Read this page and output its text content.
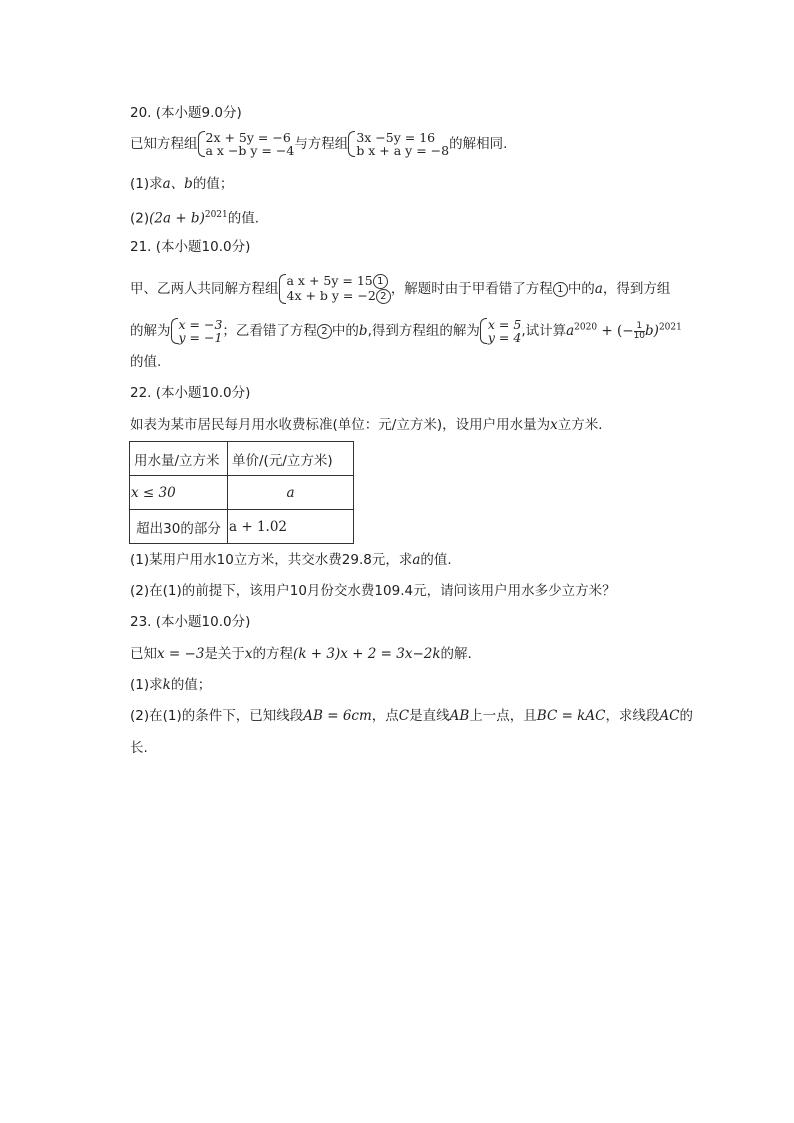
20. (本小题9.0分)
已知方程组 2x + 5y = −6
a x −b y = −4 与方程组 3x −5y = 16
b x + a y = −8 的解相同.
(1)求a、b的值；
$(2)(2a + b)^{2021}$的值.
21. (本小题10.0分)
甲、乙两人共同解方程组
a x + 5y = 15 1
4x + b y = −2 2 ，解题时由于甲看错了方程 1 中的a，得到方组
的解为 x = −3
y = −1 ；乙看错了方程 2 中的b,得到方程组的解为 x = 5
y = 4 ,试计算$a^{2020}$ + (− $\frac{1}{10} b)^{2021}$
的值.
22. (本小题10.0分)
如表为某市居民每月用水收费标准(单位：元/立方米)，设用户用水量为x立方米.
用水量/立方米	单价/(元/立方米)
x ≤ 30	a
超出30的部分	a + 1.02
(1)某用户用水10立方米，共交水费29.8元，求a的值.
(2)在(1)的前提下，该用户10月份交水费109.4元，请问该用户用水多少立方米？
23. (本小题10.0分)
已知x = −3是关于x的方程(k + 3)x + 2 = 3x−2k的解.
(1)求k的值；
(2)在(1)的条件下，已知线段AB = 6cm，点C是直线AB上一点，且BC = kAC，求线段AC的
长.
